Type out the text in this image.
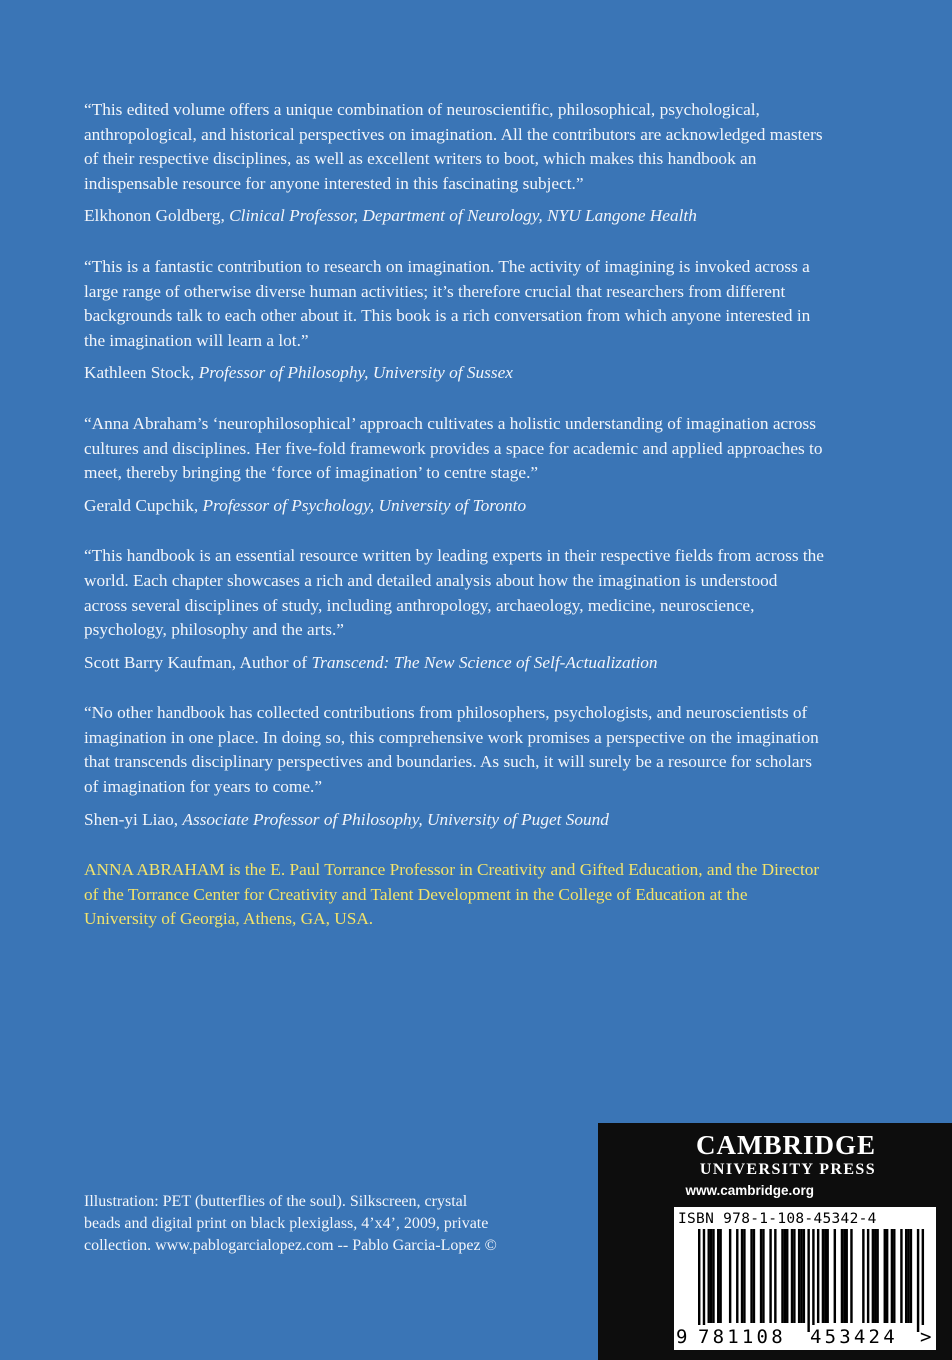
“This edited volume offers a unique combination of neuroscientific, philosophical, psychological, anthropological, and historical perspectives on imagination. All the contributors are acknowledged masters of their respective disciplines, as well as excellent writers to boot, which makes this handbook an indispensable resource for anyone interested in this fascinating subject.”

Elkhonon Goldberg, Clinical Professor, Department of Neurology, NYU Langone Health

“This is a fantastic contribution to research on imagination. The activity of imagining is invoked across a large range of otherwise diverse human activities; it’s therefore crucial that researchers from different backgrounds talk to each other about it. This book is a rich conversation from which anyone interested in the imagination will learn a lot.”

Kathleen Stock, Professor of Philosophy, University of Sussex

“Anna Abraham’s ‘neurophilosophical’ approach cultivates a holistic understanding of imagination across cultures and disciplines. Her five-fold framework provides a space for academic and applied approaches to meet, thereby bringing the ‘force of imagination’ to centre stage.”

Gerald Cupchik, Professor of Psychology, University of Toronto

“This handbook is an essential resource written by leading experts in their respective fields from across the world. Each chapter showcases a rich and detailed analysis about how the imagination is understood across several disciplines of study, including anthropology, archaeology, medicine, neuroscience, psychology, philosophy and the arts.”

Scott Barry Kaufman, Author of Transcend: The New Science of Self-Actualization

“No other handbook has collected contributions from philosophers, psychologists, and neuroscientists of imagination in one place. In doing so, this comprehensive work promises a perspective on the imagination that transcends disciplinary perspectives and boundaries. As such, it will surely be a resource for scholars of imagination for years to come.”

Shen-yi Liao, Associate Professor of Philosophy, University of Puget Sound

ANNA ABRAHAM is the E. Paul Torrance Professor in Creativity and Gifted Education, and the Director of the Torrance Center for Creativity and Talent Development in the College of Education at the University of Georgia, Athens, GA, USA.

Illustration: PET (butterflies of the soul). Silkscreen, crystal beads and digital print on black plexiglass, 4’x4’, 2009, private collection. www.pablogarcialopez.com -- Pablo Garcia-Lopez ©

CAMBRIDGE
UNIVERSITY PRESS
www.cambridge.org
ISBN 978-1-108-45342-4
9 781108 453424 >
